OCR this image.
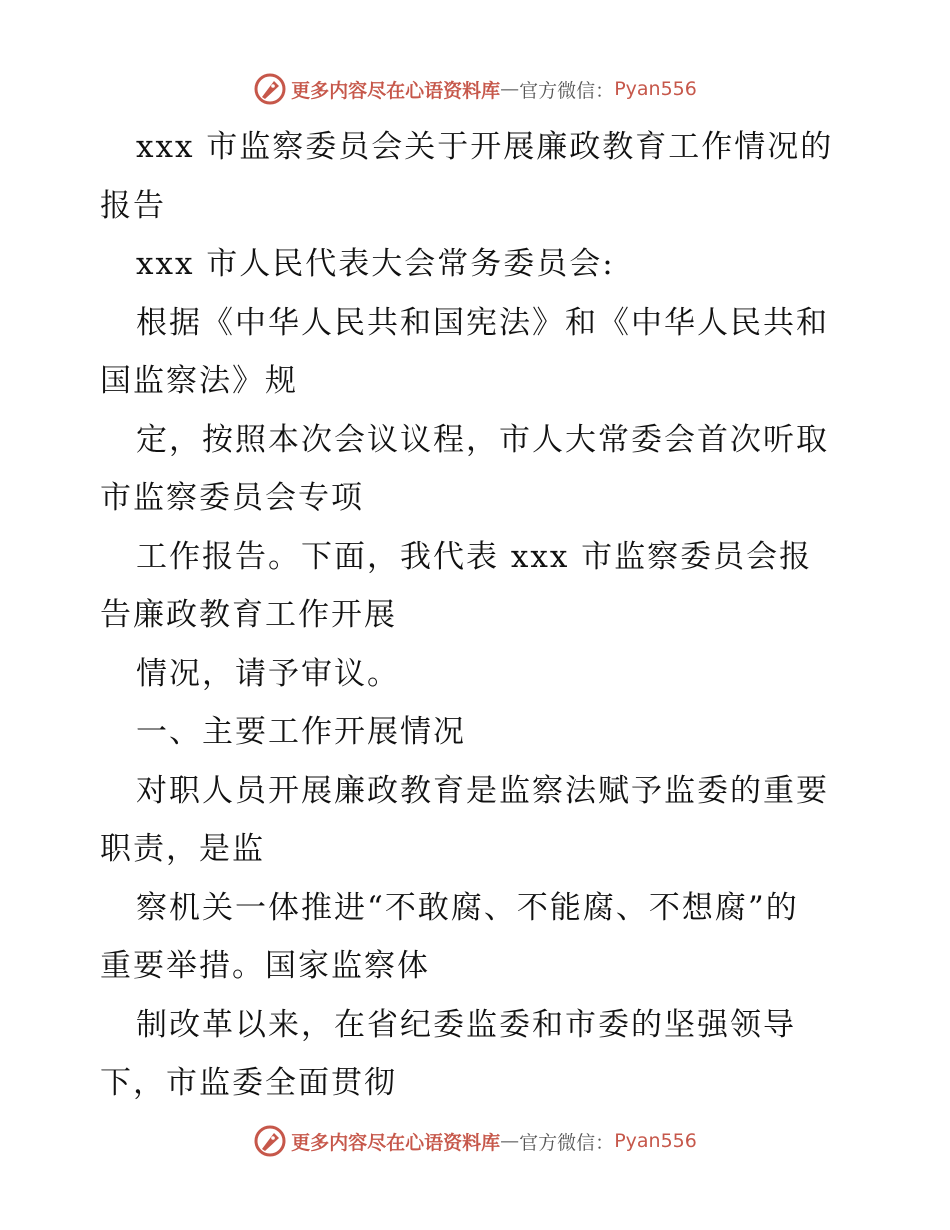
更多内容尽在心语资料库 — 官方微信： Pyan556
xxx 市监察委员会关于开展廉政教育工作情况的
报告
xxx 市人民代表大会常务委员会:
根据《中华人民共和国宪法》和《中华人民共和
国监察法》规
定，按照本次会议议程，市人大常委会首次听取
市监察委员会专项
工作报告。下面，我代表 xxx 市监察委员会报
告廉政教育工作开展
情况，请予审议。
一、主要工作开展情况
对职人员开展廉政教育是监察法赋予监委的重要
职责，是监
察机关一体推进“不敢腐、不能腐、不想腐”的
重要举措。国家监察体
制改革以来，在省纪委监委和市委的坚强领导
下，市监委全面贯彻
更多内容尽在心语资料库 — 官方微信： Pyan556
